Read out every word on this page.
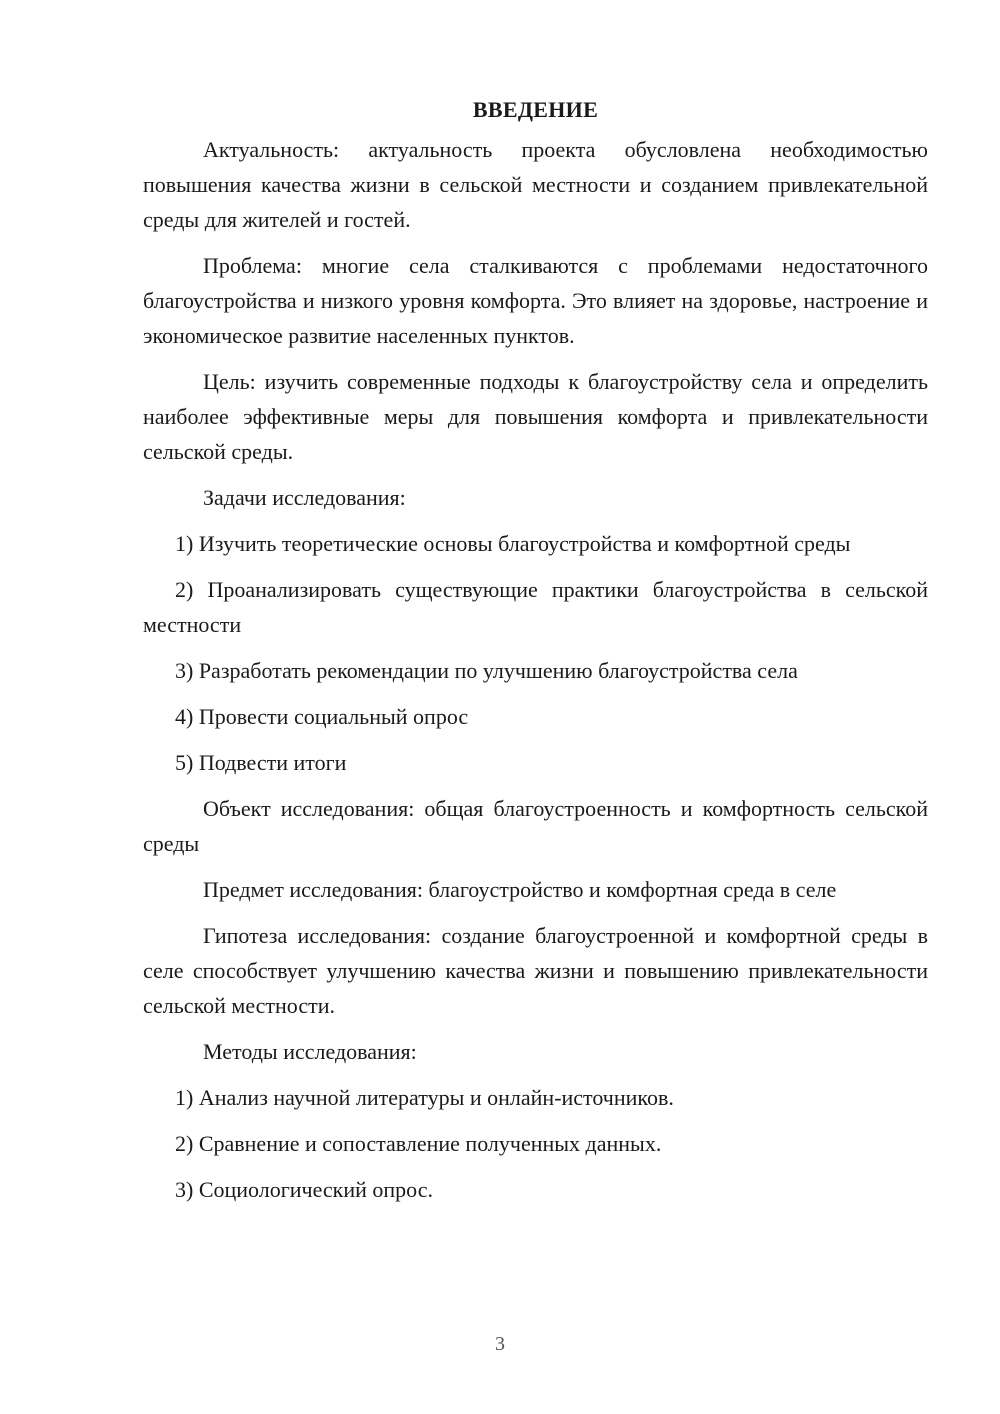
ВВЕДЕНИЕ

Актуальность: актуальность проекта обусловлена необходимостью повышения качества жизни в сельской местности и созданием привлекательной среды для жителей и гостей.

Проблема: многие села сталкиваются с проблемами недостаточного благоустройства и низкого уровня комфорта. Это влияет на здоровье, настроение и экономическое развитие населенных пунктов.

Цель: изучить современные подходы к благоустройству села и определить наиболее эффективные меры для повышения комфорта и привлекательности сельской среды.

Задачи исследования:

1) Изучить теоретические основы благоустройства и комфортной среды

2) Проанализировать существующие практики благоустройства в сельской местности

3) Разработать рекомендации по улучшению благоустройства села

4) Провести социальный опрос

5) Подвести итоги

Объект исследования: общая благоустроенность и комфортность сельской среды

Предмет исследования: благоустройство и комфортная среда в селе

Гипотеза исследования: создание благоустроенной и комфортной среды в селе способствует улучшению качества жизни и повышению привлекательности сельской местности.

Методы исследования:

1) Анализ научной литературы и онлайн-источников.

2) Сравнение и сопоставление полученных данных.

3) Социологический опрос.

3
